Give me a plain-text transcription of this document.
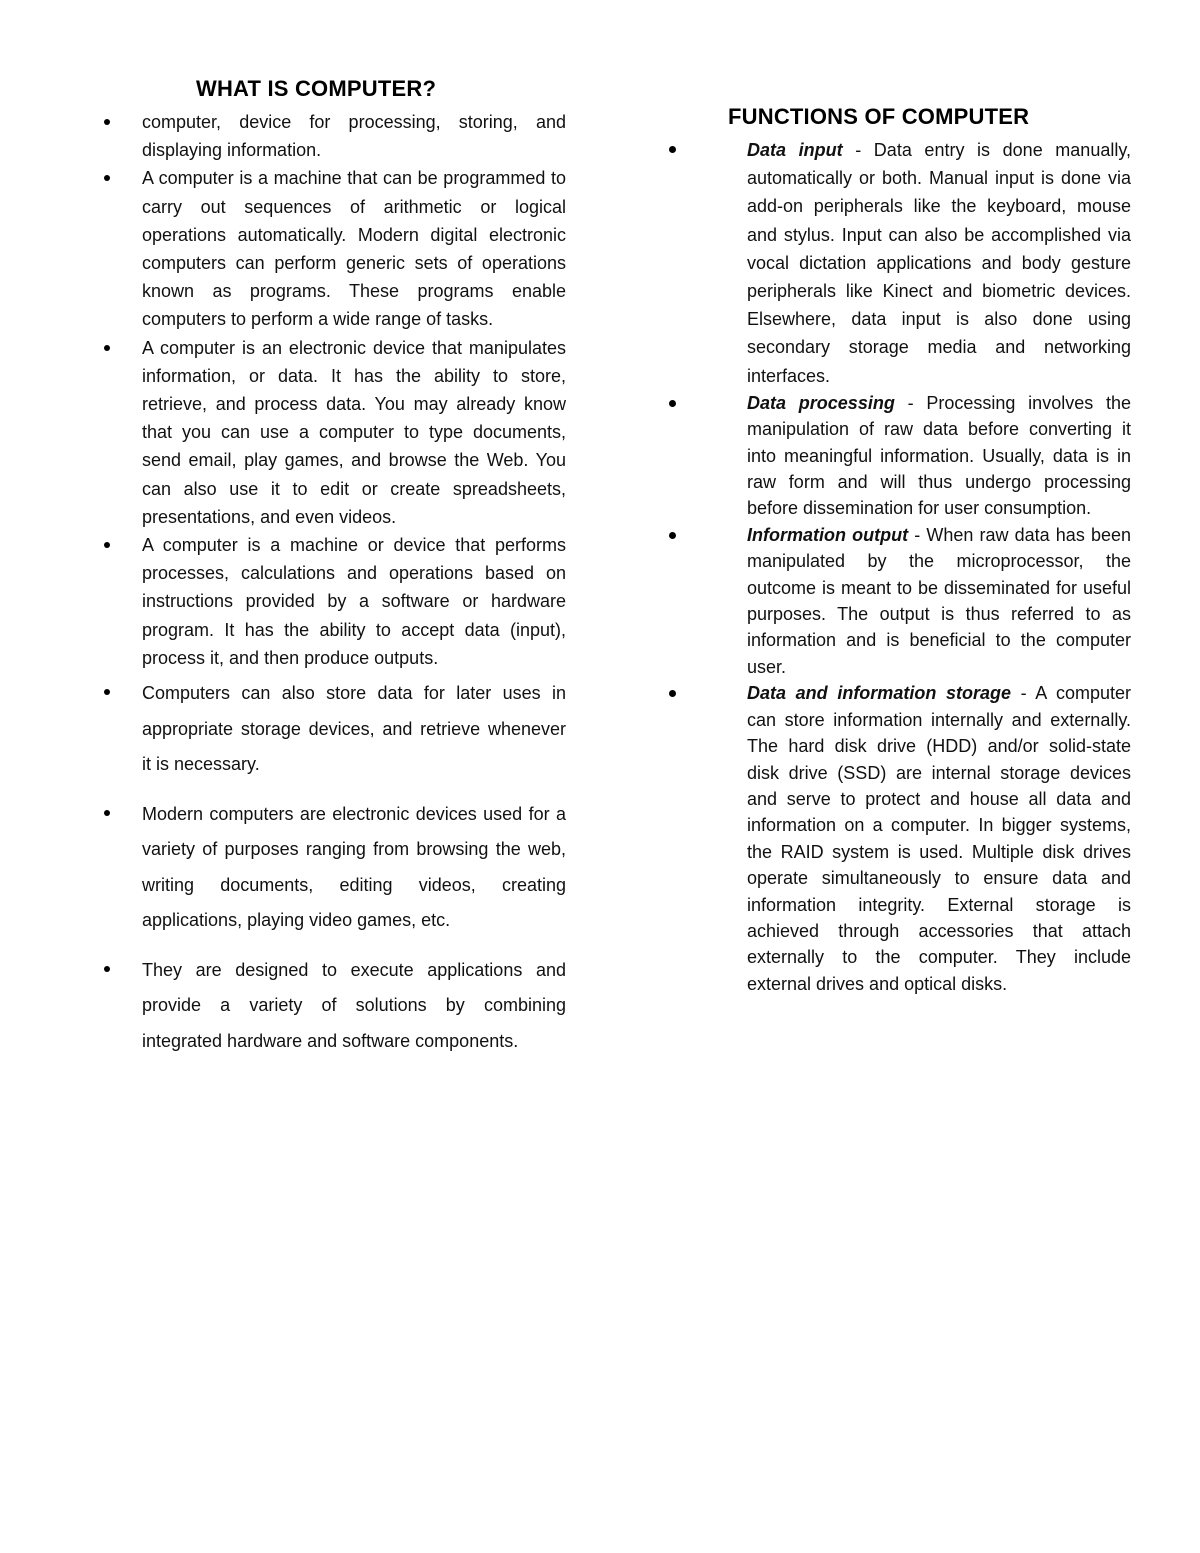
WHAT IS COMPUTER?
computer, device for processing, storing, and displaying information.
A computer is a machine that can be programmed to carry out sequences of arithmetic or logical operations automatically. Modern digital electronic computers can perform generic sets of operations known as programs. These programs enable computers to perform a wide range of tasks.
A computer is an electronic device that manipulates information, or data. It has the ability to store, retrieve, and process data. You may already know that you can use a computer to type documents, send email, play games, and browse the Web. You can also use it to edit or create spreadsheets, presentations, and even videos.
A computer is a machine or device that performs processes, calculations and operations based on instructions provided by a software or hardware program. It has the ability to accept data (input), process it, and then produce outputs.
Computers can also store data for later uses in appropriate storage devices, and retrieve whenever it is necessary.
Modern computers are electronic devices used for a variety of purposes ranging from browsing the web, writing documents, editing videos, creating applications, playing video games, etc.
They are designed to execute applications and provide a variety of solutions by combining integrated hardware and software components.
FUNCTIONS OF COMPUTER
Data input - Data entry is done manually, automatically or both. Manual input is done via add-on peripherals like the keyboard, mouse and stylus. Input can also be accomplished via vocal dictation applications and body gesture peripherals like Kinect and biometric devices. Elsewhere, data input is also done using secondary storage media and networking interfaces.
Data processing - Processing involves the manipulation of raw data before converting it into meaningful information. Usually, data is in raw form and will thus undergo processing before dissemination for user consumption.
Information output - When raw data has been manipulated by the microprocessor, the outcome is meant to be disseminated for useful purposes. The output is thus referred to as information and is beneficial to the computer user.
Data and information storage - A computer can store information internally and externally. The hard disk drive (HDD) and/or solid-state disk drive (SSD) are internal storage devices and serve to protect and house all data and information on a computer. In bigger systems, the RAID system is used. Multiple disk drives operate simultaneously to ensure data and information integrity. External storage is achieved through accessories that attach externally to the computer. They include external drives and optical disks.
